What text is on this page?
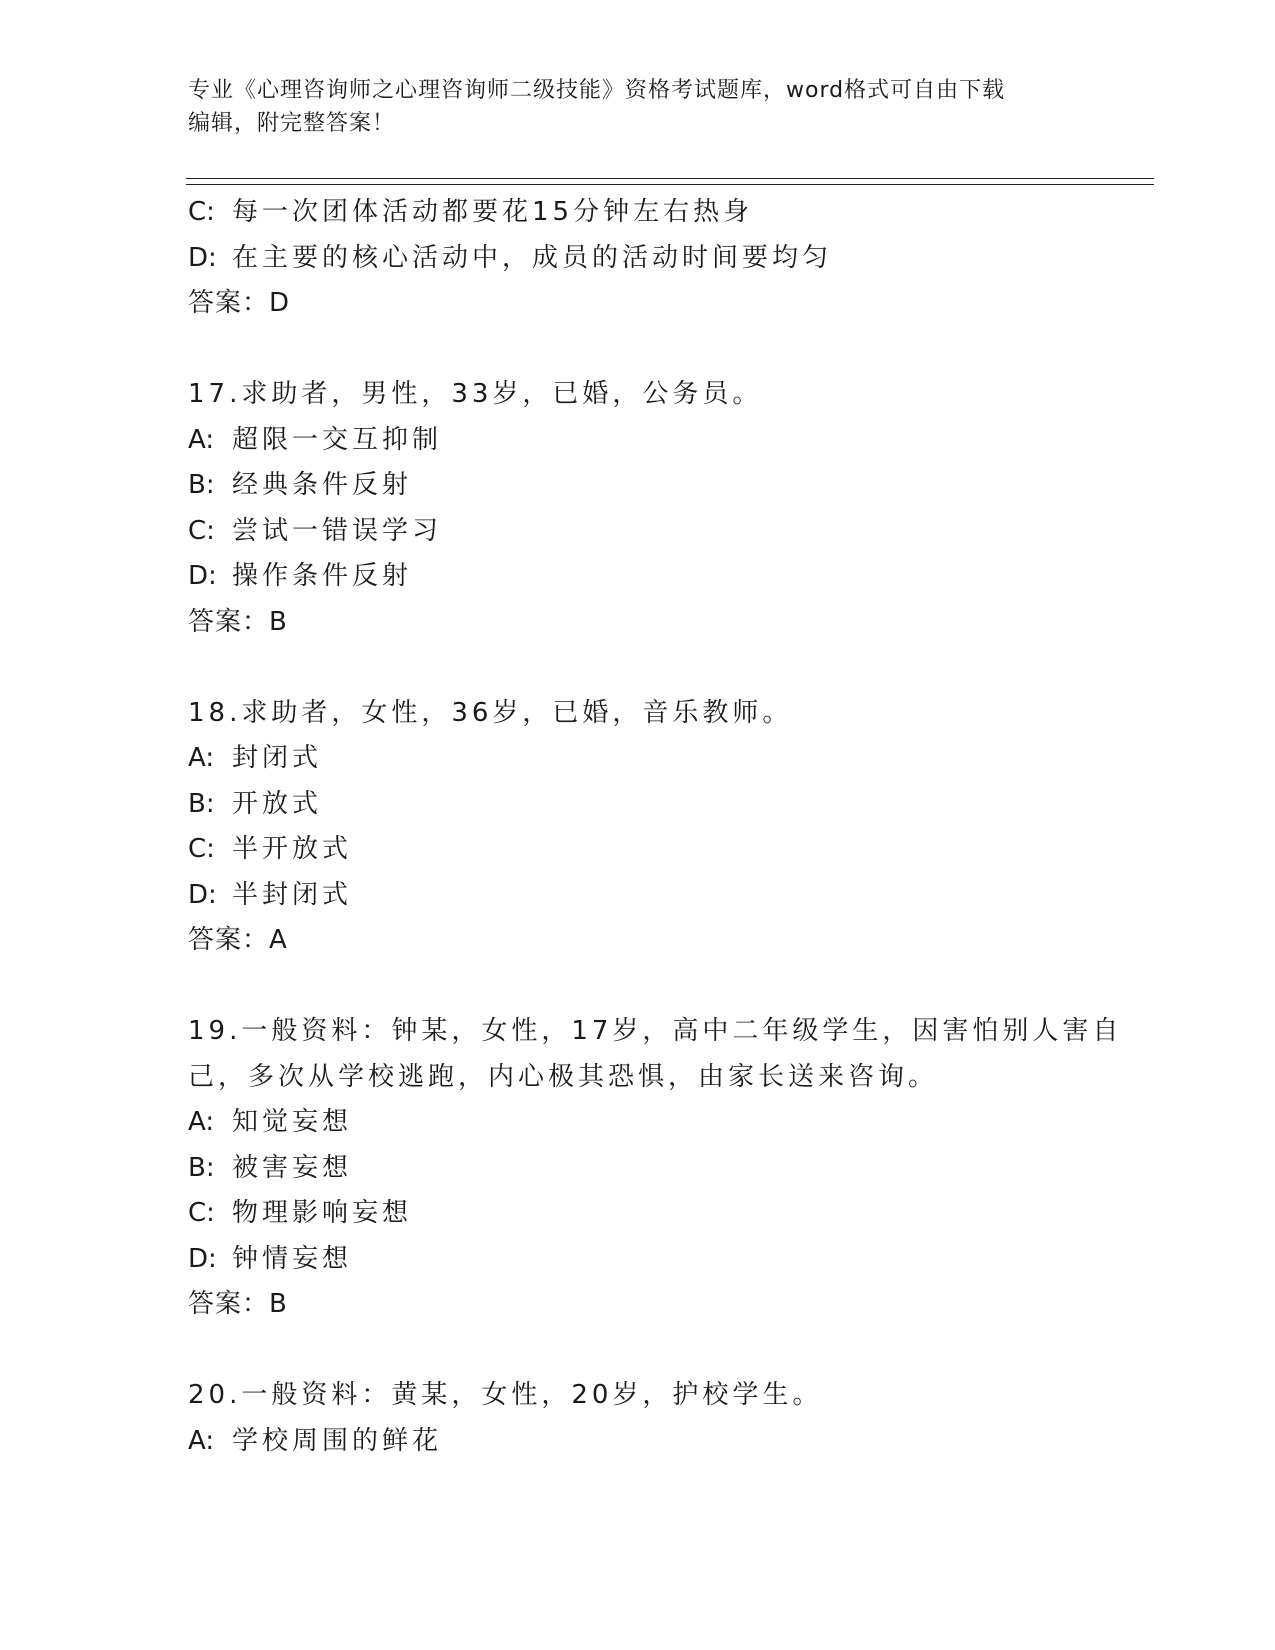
专业《心理咨询师之心理咨询师二级技能》资格考试题库，word格式可自由下载
编辑，附完整答案！
C: 每一次团体活动都要花15分钟左右热身
D: 在主要的核心活动中，成员的活动时间要均匀
答案：D
17.求助者，男性，33岁，已婚，公务员。
A: 超限一交互抑制
B: 经典条件反射
C: 尝试一错误学习
D: 操作条件反射
答案：B
18.求助者，女性，36岁，已婚，音乐教师。
A: 封闭式
B: 开放式
C: 半开放式
D: 半封闭式
答案：A
19.一般资料：钟某，女性，17岁，高中二年级学生，因害怕别人害自
己，多次从学校逃跑，内心极其恐惧，由家长送来咨询。
A: 知觉妄想
B: 被害妄想
C: 物理影响妄想
D: 钟情妄想
答案：B
20.一般资料：黄某，女性，20岁，护校学生。
A: 学校周围的鲜花
